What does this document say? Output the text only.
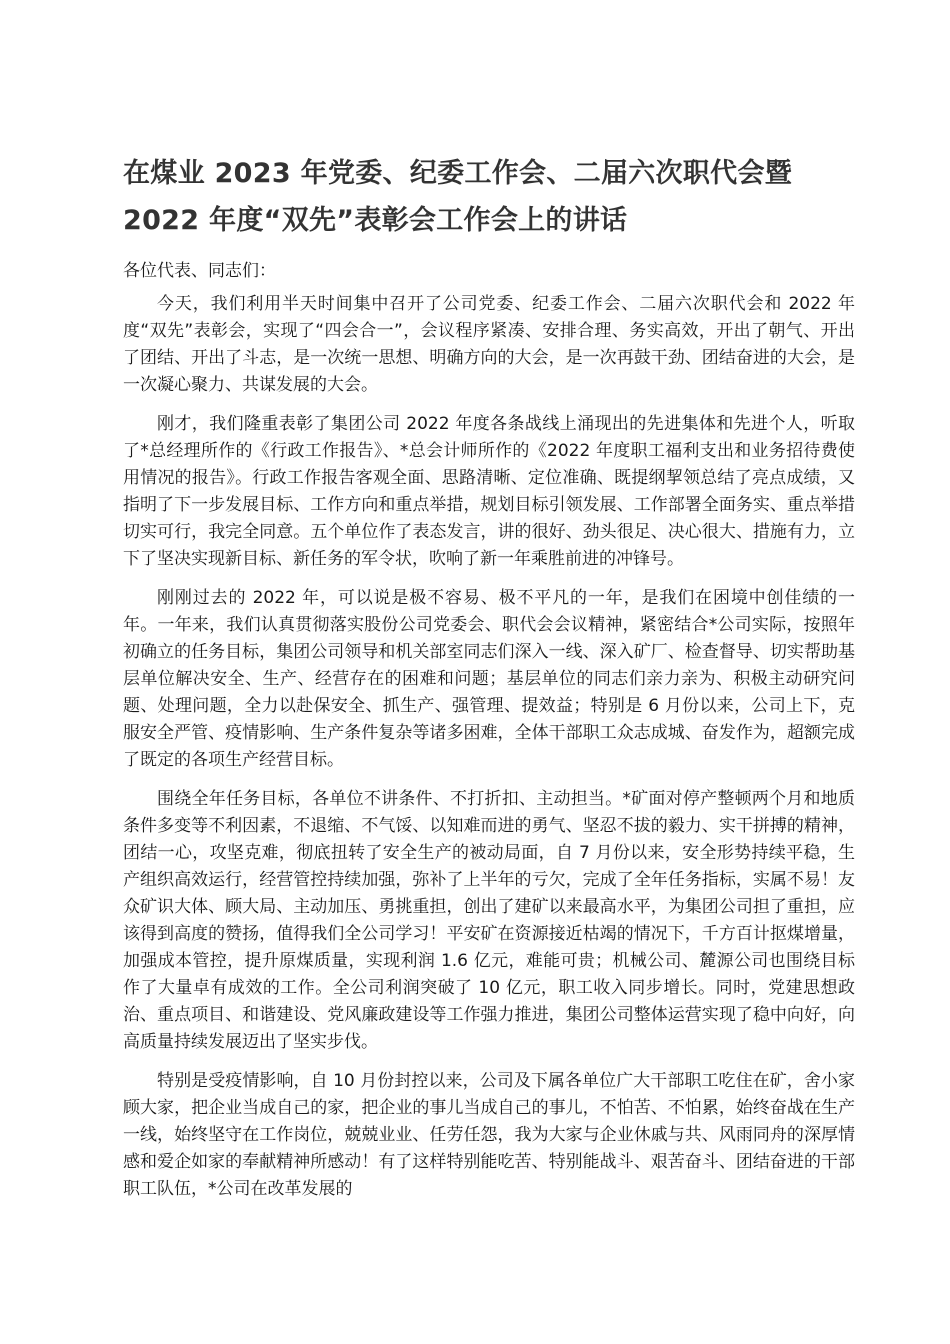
在煤业 2023 年党委、纪委工作会、二届六次职代会暨
2022 年度“双先”表彰会工作会上的讲话

各位代表、同志们：

今天，我们利用半天时间集中召开了公司党委、纪委工作会、二届六次职代会和 2022 年度“双先”表彰会，实现了“四会合一”，会议程序紧凑、安排合理、务实高效，开出了朝气、开出了团结、开出了斗志，是一次统一思想、明确方向的大会，是一次再鼓干劲、团结奋进的大会，是一次凝心聚力、共谋发展的大会。

刚才，我们隆重表彰了集团公司 2022 年度各条战线上涌现出的先进集体和先进个人，听取了*总经理所作的《行政工作报告》、*总会计师所作的《2022 年度职工福利支出和业务招待费使用情况的报告》。行政工作报告客观全面、思路清晰、定位准确、既提纲挈领总结了亮点成绩，又指明了下一步发展目标、工作方向和重点举措，规划目标引领发展、工作部署全面务实、重点举措切实可行，我完全同意。五个单位作了表态发言，讲的很好、劲头很足、决心很大、措施有力，立下了坚决实现新目标、新任务的军令状，吹响了新一年乘胜前进的冲锋号。

刚刚过去的 2022 年，可以说是极不容易、极不平凡的一年，是我们在困境中创佳绩的一年。一年来，我们认真贯彻落实股份公司党委会、职代会会议精神，紧密结合*公司实际，按照年初确立的任务目标，集团公司领导和机关部室同志们深入一线、深入矿厂、检查督导、切实帮助基层单位解决安全、生产、经营存在的困难和问题；基层单位的同志们亲力亲为、积极主动研究问题、处理问题，全力以赴保安全、抓生产、强管理、提效益；特别是 6 月份以来，公司上下，克服安全严管、疫情影响、生产条件复杂等诸多困难，全体干部职工众志成城、奋发作为，超额完成了既定的各项生产经营目标。

围绕全年任务目标，各单位不讲条件、不打折扣、主动担当。*矿面对停产整顿两个月和地质条件多变等不利因素，不退缩、不气馁、以知难而进的勇气、坚忍不拔的毅力、实干拼搏的精神，团结一心，攻坚克难，彻底扭转了安全生产的被动局面，自 7 月份以来，安全形势持续平稳，生产组织高效运行，经营管控持续加强，弥补了上半年的亏欠，完成了全年任务指标，实属不易！友众矿识大体、顾大局、主动加压、勇挑重担，创出了建矿以来最高水平，为集团公司担了重担，应该得到高度的赞扬，值得我们全公司学习！平安矿在资源接近枯竭的情况下，千方百计抠煤增量，加强成本管控，提升原煤质量，实现利润 1.6 亿元，难能可贵；机械公司、麓源公司也围绕目标作了大量卓有成效的工作。全公司利润突破了 10 亿元，职工收入同步增长。同时，党建思想政治、重点项目、和谐建设、党风廉政建设等工作强力推进，集团公司整体运营实现了稳中向好，向高质量持续发展迈出了坚实步伐。

特别是受疫情影响，自 10 月份封控以来，公司及下属各单位广大干部职工吃住在矿，舍小家顾大家，把企业当成自己的家，把企业的事儿当成自己的事儿，不怕苦、不怕累，始终奋战在生产一线，始终坚守在工作岗位，兢兢业业、任劳任怨，我为大家与企业休戚与共、风雨同舟的深厚情感和爱企如家的奉献精神所感动！有了这样特别能吃苦、特别能战斗、艰苦奋斗、团结奋进的干部职工队伍，*公司在改革发展的
